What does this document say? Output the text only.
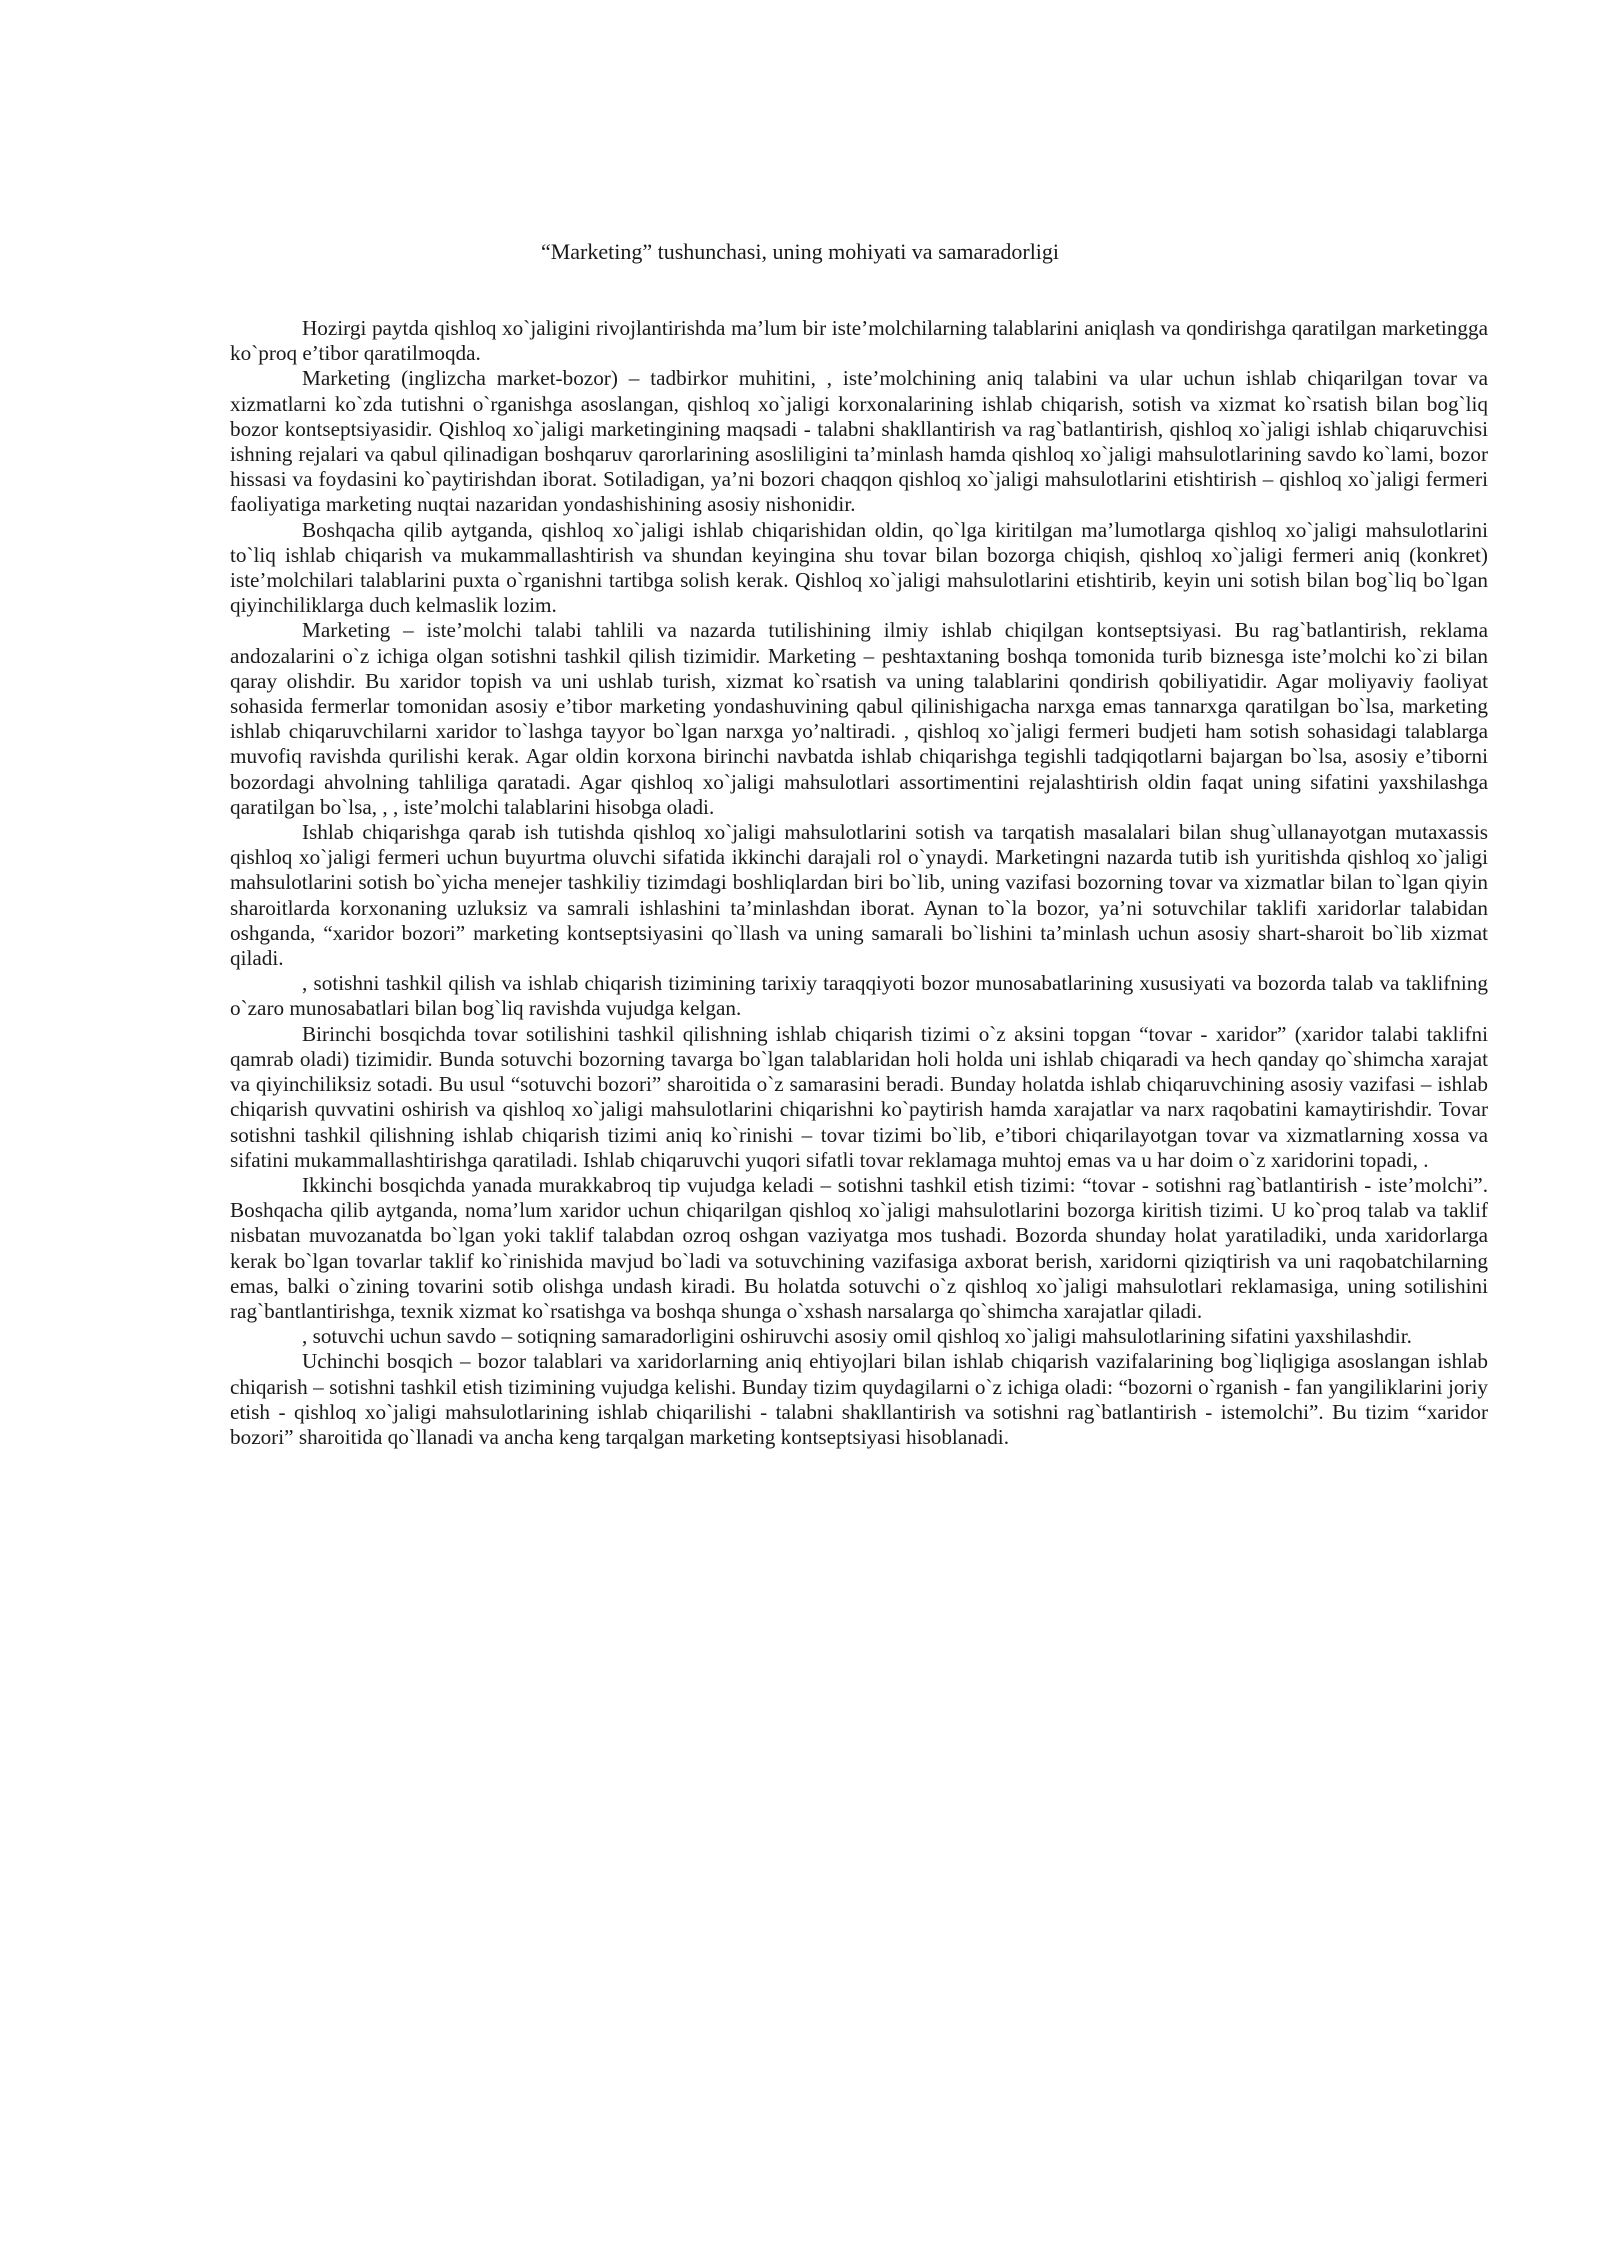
“Marketing” tushunchasi, uning mohiyati va samaradorligi

Hozirgi paytda qishloq xo`jaligini rivojlantirishda ma’lum bir iste’molchilarning talablarini aniqlash va qondirishga qaratilgan marketingga ko`proq e’tibor qaratilmoqda.

Marketing (inglizcha market-bozor) – tadbirkor muhitini, , iste’molchining aniq talabini va ular uchun ishlab chiqarilgan tovar va xizmatlarni ko`zda tutishni o`rganishga asoslangan, qishloq xo`jaligi korxonalarining ishlab chiqarish, sotish va xizmat ko`rsatish bilan bog`liq bozor kontseptsiyasidir. Qishloq xo`jaligi marketingining maqsadi - talabni shakllantirish va rag`batlantirish, qishloq xo`jaligi ishlab chiqaruvchisi ishning rejalari va qabul qilinadigan boshqaruv qarorlarining asosliligini ta’minlash hamda qishloq xo`jaligi mahsulotlarining savdo ko`lami, bozor hissasi va foydasini ko`paytirishdan iborat. Sotiladigan, ya’ni bozori chaqqon qishloq xo`jaligi mahsulotlarini etishtirish – qishloq xo`jaligi fermeri faoliyatiga marketing nuqtai nazaridan yondashishining asosiy nishonidir.

Boshqacha qilib aytganda, qishloq xo`jaligi ishlab chiqarishidan oldin, qo`lga kiritilgan ma’lumotlarga qishloq xo`jaligi mahsulotlarini to`liq ishlab chiqarish va mukammallashtirish va shundan keyingina shu tovar bilan bozorga chiqish, qishloq xo`jaligi fermeri aniq (konkret) iste’molchilari talablarini puxta o`rganishni tartibga solish kerak. Qishloq xo`jaligi mahsulotlarini etishtirib, keyin uni sotish bilan bog`liq bo`lgan qiyinchiliklarga duch kelmaslik lozim.

Marketing – iste’molchi talabi tahlili va nazarda tutilishining ilmiy ishlab chiqilgan kontseptsiyasi. Bu rag`batlantirish, reklama andozalarini o`z ichiga olgan sotishni tashkil qilish tizimidir. Marketing – peshtaxtaning boshqa tomonida turib biznesga iste’molchi ko`zi bilan qaray olishdir. Bu xaridor topish va uni ushlab turish, xizmat ko`rsatish va uning talablarini qondirish qobiliyatidir. Agar moliyaviy faoliyat sohasida fermerlar tomonidan asosiy e’tibor marketing yondashuvining qabul qilinishigacha narxga emas tannarxga qaratilgan bo`lsa, marketing ishlab chiqaruvchilarni xaridor to`lashga tayyor bo`lgan narxga yo’naltiradi. , qishloq xo`jaligi fermeri budjeti ham sotish sohasidagi talablarga muvofiq ravishda qurilishi kerak. Agar oldin korxona birinchi navbatda ishlab chiqarishga tegishli tadqiqotlarni bajargan bo`lsa, asosiy e’tiborni bozordagi ahvolning tahliliga qaratadi. Agar qishloq xo`jaligi mahsulotlari assortimentini rejalashtirish oldin faqat uning sifatini yaxshilashga qaratilgan bo`lsa, , , iste’molchi talablarini hisobga oladi.

Ishlab chiqarishga qarab ish tutishda qishloq xo`jaligi mahsulotlarini sotish va tarqatish masalalari bilan shug`ullanayotgan mutaxassis qishloq xo`jaligi fermeri uchun buyurtma oluvchi sifatida ikkinchi darajali rol o`ynaydi. Marketingni nazarda tutib ish yuritishda qishloq xo`jaligi mahsulotlarini sotish bo`yicha menejer tashkiliy tizimdagi boshliqlardan biri bo`lib, uning vazifasi bozorning tovar va xizmatlar bilan to`lgan qiyin sharoitlarda korxonaning uzluksiz va samrali ishlashini ta’minlashdan iborat. Aynan to`la bozor, ya’ni sotuvchilar taklifi xaridorlar talabidan oshganda, “xaridor bozori” marketing kontseptsiyasini qo`llash va uning samarali bo`lishini ta’minlash uchun asosiy shart-sharoit bo`lib xizmat qiladi.

, sotishni tashkil qilish va ishlab chiqarish tizimining tarixiy taraqqiyoti bozor munosabatlarining xususiyati va bozorda talab va taklifning o`zaro munosabatlari bilan bog`liq ravishda vujudga kelgan.

Birinchi bosqichda tovar sotilishini tashkil qilishning ishlab chiqarish tizimi o`z aksini topgan “tovar - xaridor” (xaridor talabi taklifni qamrab oladi) tizimidir. Bunda sotuvchi bozorning tavarga bo`lgan talablaridan holi holda uni ishlab chiqaradi va hech qanday qo`shimcha xarajat va qiyinchiliksiz sotadi. Bu usul “sotuvchi bozori” sharoitida o`z samarasini beradi. Bunday holatda ishlab chiqaruvchining asosiy vazifasi – ishlab chiqarish quvvatini oshirish va qishloq xo`jaligi mahsulotlarini chiqarishni ko`paytirish hamda xarajatlar va narx raqobatini kamaytirishdir. Tovar sotishni tashkil qilishning ishlab chiqarish tizimi aniq ko`rinishi – tovar tizimi bo`lib, e’tibori chiqarilayotgan tovar va xizmatlarning xossa va sifatini mukammallashtirishga qaratiladi. Ishlab chiqaruvchi yuqori sifatli tovar reklamaga muhtoj emas va u har doim o`z xaridorini topadi, .

Ikkinchi bosqichda yanada murakkabroq tip vujudga keladi – sotishni tashkil etish tizimi: “tovar - sotishni rag`batlantirish - iste’molchi”. Boshqacha qilib aytganda, noma’lum xaridor uchun chiqarilgan qishloq xo`jaligi mahsulotlarini bozorga kiritish tizimi. U ko`proq talab va taklif nisbatan muvozanatda bo`lgan yoki taklif talabdan ozroq oshgan vaziyatga mos tushadi. Bozorda shunday holat yaratiladiki, unda xaridorlarga kerak bo`lgan tovarlar taklif ko`rinishida mavjud bo`ladi va sotuvchining vazifasiga axborat berish, xaridorni qiziqtirish va uni raqobatchilarning emas, balki o`zining tovarini sotib olishga undash kiradi. Bu holatda sotuvchi o`z qishloq xo`jaligi mahsulotlari reklamasiga, uning sotilishini rag`bantlantirishga, texnik xizmat ko`rsatishga va boshqa shunga o`xshash narsalarga qo`shimcha xarajatlar qiladi.

, sotuvchi uchun savdo – sotiqning samaradorligini oshiruvchi asosiy omil qishloq xo`jaligi mahsulotlarining sifatini yaxshilashdir.

Uchinchi bosqich – bozor talablari va xaridorlarning aniq ehtiyojlari bilan ishlab chiqarish vazifalarining bog`liqligiga asoslangan ishlab chiqarish – sotishni tashkil etish tizimining vujudga kelishi. Bunday tizim quydagilarni o`z ichiga oladi: “bozorni o`rganish - fan yangiliklarini joriy etish - qishloq xo`jaligi mahsulotlarining ishlab chiqarilishi - talabni shakllantirish va sotishni rag`batlantirish - istemolchi”. Bu tizim “xaridor bozori” sharoitida qo`llanadi va ancha keng tarqalgan marketing kontseptsiyasi hisoblanadi.
